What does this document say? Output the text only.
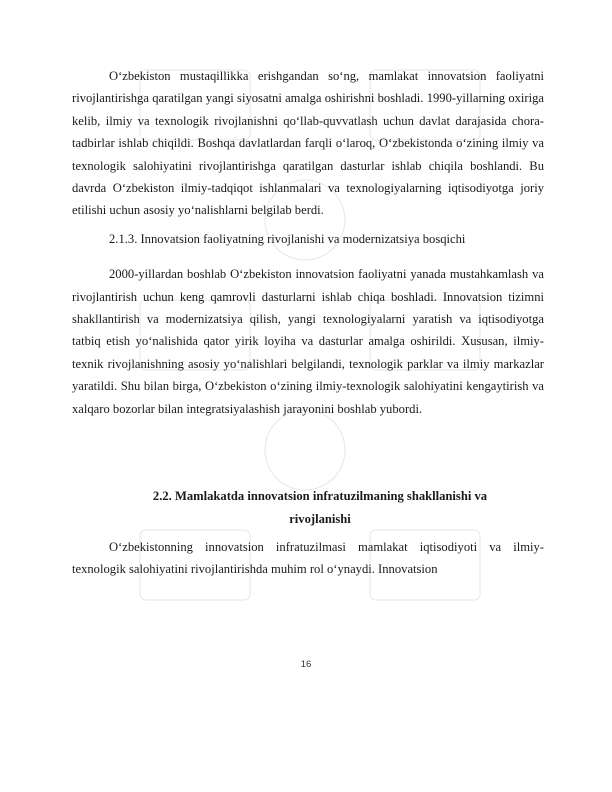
O‘zbekiston mustaqillikka erishgandan so‘ng, mamlakat innovatsion faoliyatni rivojlantirishga qaratilgan yangi siyosatni amalga oshirishni boshladi. 1990-yillarning oxiriga kelib, ilmiy va texnologik rivojlanishni qo‘llab-quvvatlash uchun davlat darajasida chora-tadbirlar ishlab chiqildi. Boshqa davlatlardan farqli o‘laroq, O‘zbekistonda o‘zining ilmiy va texnologik salohiyatini rivojlantirishga qaratilgan dasturlar ishlab chiqila boshlandi. Bu davrda O‘zbekiston ilmiy-tadqiqot ishlanmalari va texnologiyalarning iqtisodiyotga joriy etilishi uchun asosiy yo‘nalishlarni belgilab berdi.

2.1.3. Innovatsion faoliyatning rivojlanishi va modernizatsiya bosqichi

2000-yillardan boshlab O‘zbekiston innovatsion faoliyatni yanada mustahkamlash va rivojlantirish uchun keng qamrovli dasturlarni ishlab chiqa boshladi. Innovatsion tizimni shakllantirish va modernizatsiya qilish, yangi texnologiyalarni yaratish va iqtisodiyotga tatbiq etish yo‘nalishida qator yirik loyiha va dasturlar amalga oshirildi. Xususan, ilmiy-texnik rivojlanishning asosiy yo‘nalishlari belgilandi, texnologik parklar va ilmiy markazlar yaratildi. Shu bilan birga, O‘zbekiston o‘zining ilmiy-texnologik salohiyatini kengaytirish va xalqaro bozorlar bilan integratsiyalashish jarayonini boshlab yubordi.

2.2. Mamlakatda innovatsion infratuzilmaning shakllanishi va
rivojlanishi

O‘zbekistonning innovatsion infratuzilmasi mamlakat iqtisodiyoti va ilmiy-texnologik salohiyatini rivojlantirishda muhim rol o‘ynaydi. Innovatsion

16
